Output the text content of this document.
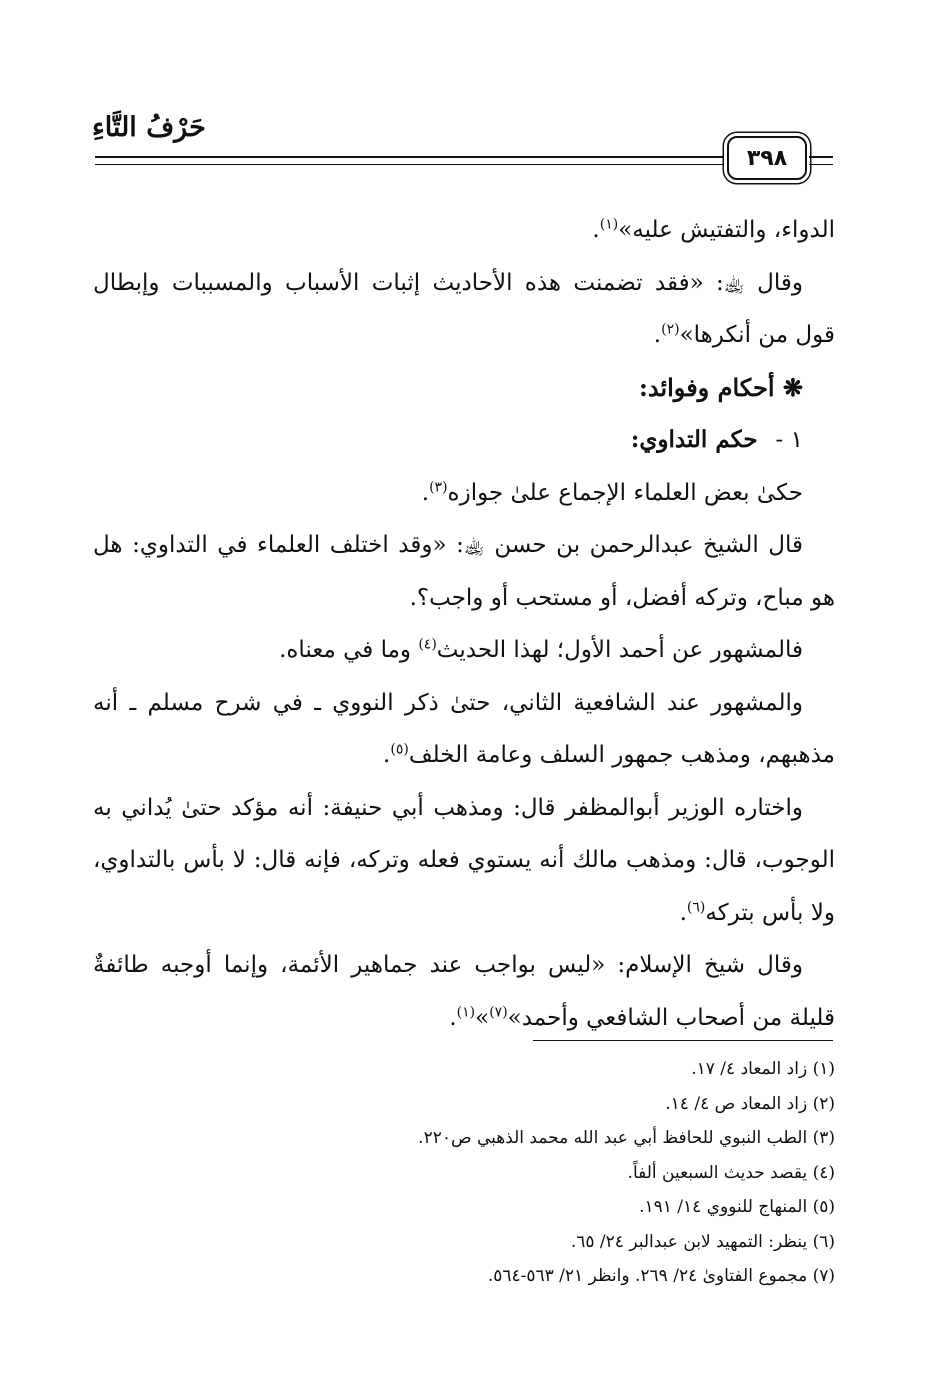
حَرْفُ التَّاءِ
٣٩٨

الدواء، والتفتيش عليه»$^{(١)}$.

وقال ﵀: «فقد تضمنت هذه الأحاديث إثبات الأسباب والمسببات وإبطال قول من أنكرها»$^{(٢)}$.

❋ أحكام وفوائد:

١ -حكم التداوي:

حكىٰ بعض العلماء الإجماع علىٰ جوازه$^{(٣)}$.

قال الشيخ عبدالرحمن بن حسن ﵀: «وقد اختلف العلماء في التداوي: هل هو مباح، وتركه أفضل، أو مستحب أو واجب؟.

فالمشهور عن أحمد الأول؛ لهذا الحديث$^{(٤)}$ وما في معناه.

والمشهور عند الشافعية الثاني، حتىٰ ذكر النووي ـ في شرح مسلم ـ أنه مذهبهم، ومذهب جمهور السلف وعامة الخلف$^{(٥)}$.

واختاره الوزير أبوالمظفر قال: ومذهب أبي حنيفة: أنه مؤكد حتىٰ يُداني به الوجوب، قال: ومذهب مالك أنه يستوي فعله وتركه، فإنه قال: لا بأس بالتداوي، ولا بأس بتركه$^{(٦)}$.

وقال شيخ الإسلام: «ليس بواجب عند جماهير الأئمة، وإنما أوجبه طائفةٌ قليلة من أصحاب الشافعي وأحمد»$^{(٧)}$»$^{(١)}$.

(١) زاد المعاد ٤/ ١٧.

(٢) زاد المعاد ص ٤/ ١٤.

(٣) الطب النبوي للحافظ أبي عبد الله محمد الذهبي ص٢٢٠.

(٤) يقصد حديث السبعين ألفاً.

(٥) المنهاج للنووي ١٤/ ١٩١.

(٦) ينظر: التمهيد لابن عبدالبر ٢٤/ ٦٥.

(٧) مجموع الفتاوىٰ ٢٤/ ٢٦٩. وانظر ٢١/ ٥٦٣-٥٦٤.
